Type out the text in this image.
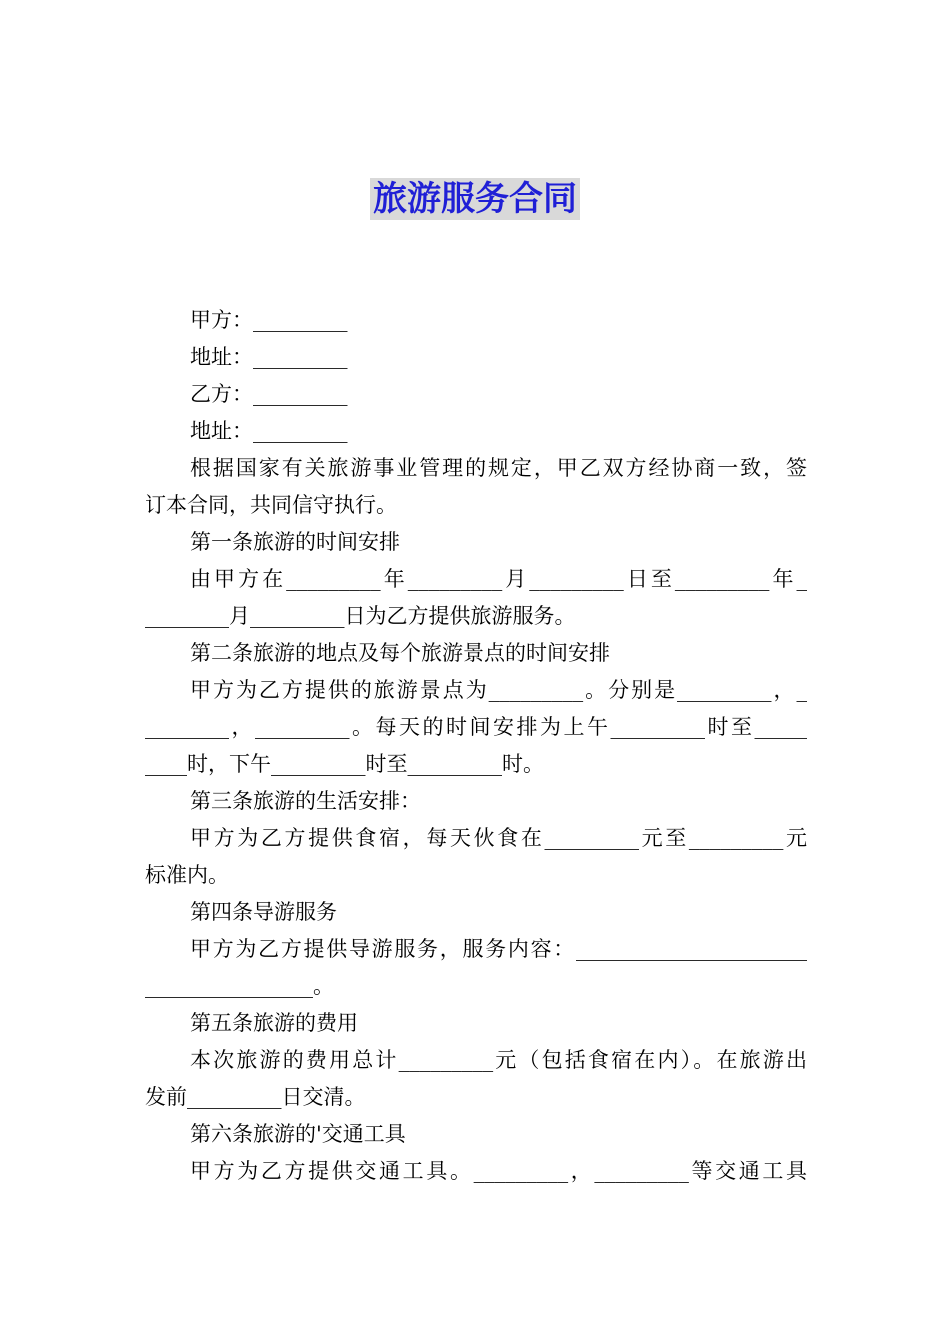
旅游服务合同
甲方：_________
地址：_________
乙方：_________
地址：_________
根据国家有关旅游事业管理的规定，甲乙双方经协商一致，签
订本合同，共同信守执行。
第一条旅游的时间安排
由甲方在_________年_________月_________日至_________年_
________月_________日为乙方提供旅游服务。
第二条旅游的地点及每个旅游景点的时间安排
甲方为乙方提供的旅游景点为_________。分别是_________，_
________，_________。每天的时间安排为上午_________时至_____
____时，下午_________时至_________时。
第三条旅游的生活安排：
甲方为乙方提供食宿，每天伙食在_________元至_________元
标准内。
第四条导游服务
甲方为乙方提供导游服务，服务内容：______________________
________________。
第五条旅游的费用
本次旅游的费用总计_________元（包括食宿在内）。在旅游出
发前_________日交清。
第六条旅游的'交通工具
甲方为乙方提供交通工具。_________，_________等交通工具
